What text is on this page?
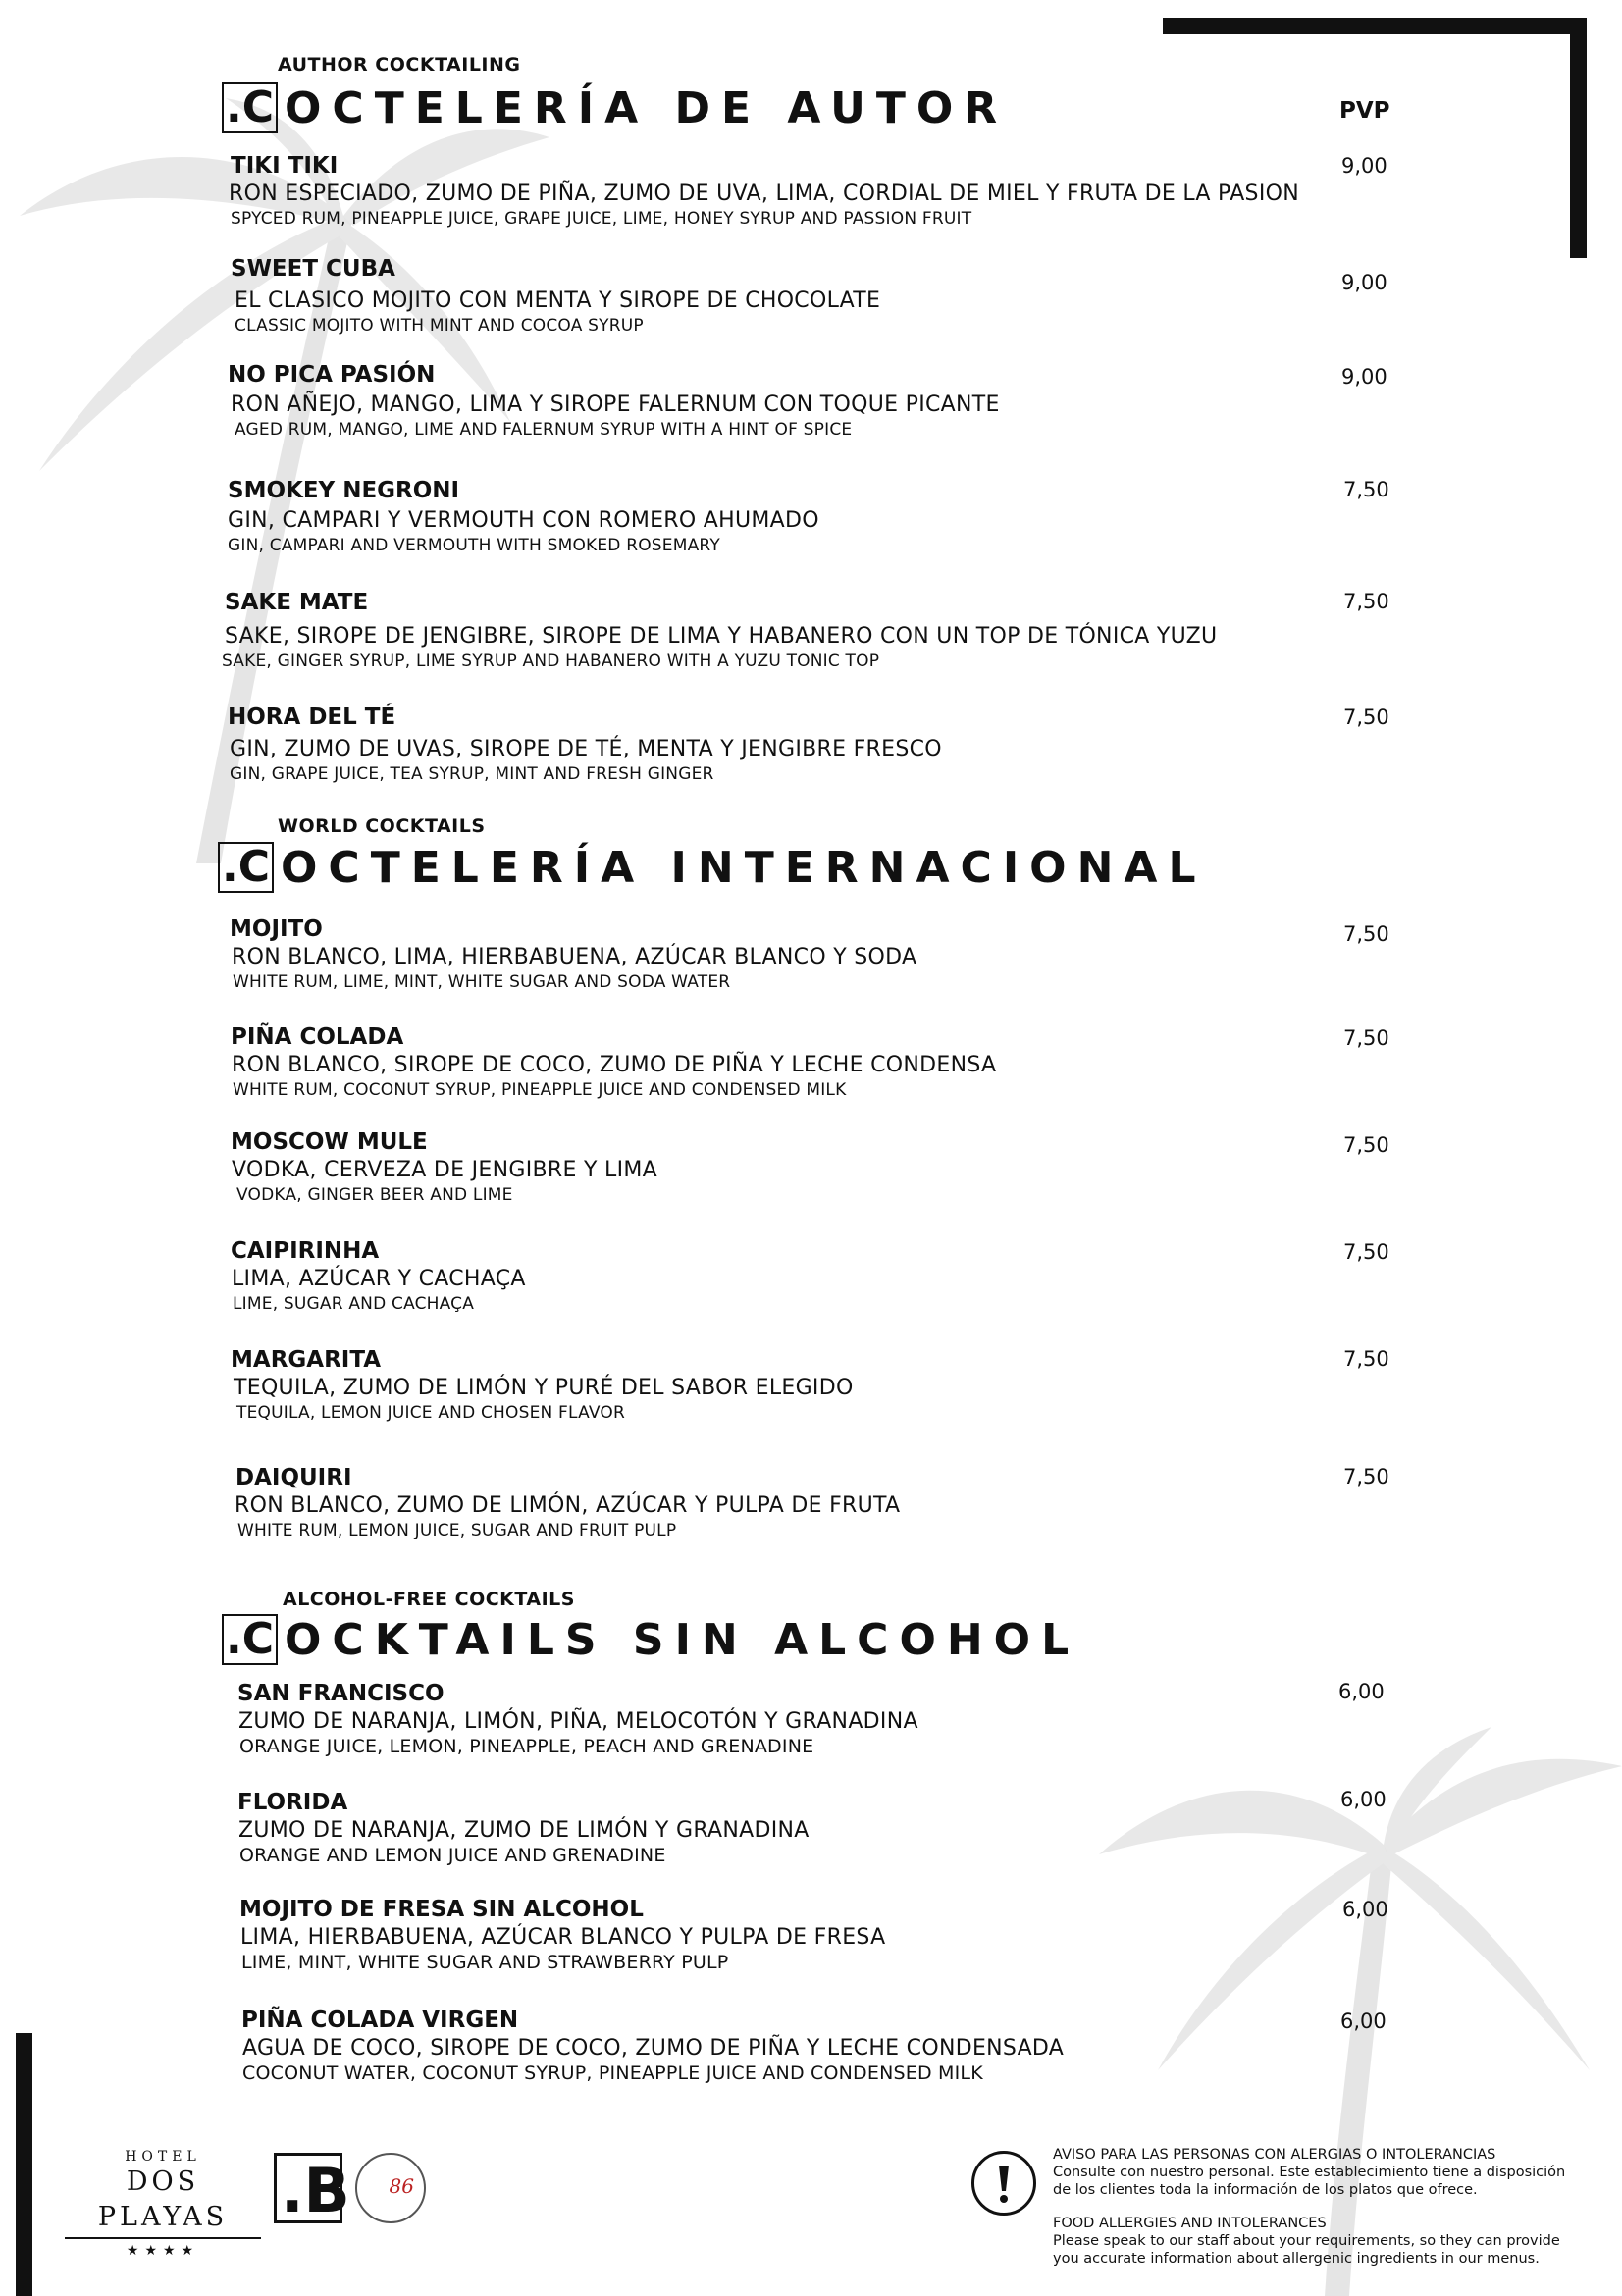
PVP
AUTHOR COCKTAILING
.C OCTELERÍA DE AUTOR
TIKI TIKI
RON ESPECIADO, ZUMO DE PIÑA, ZUMO DE UVA, LIMA, CORDIAL DE MIEL Y FRUTA DE LA PASION
SPYCED RUM, PINEAPPLE JUICE, GRAPE JUICE, LIME, HONEY SYRUP AND PASSION FRUIT
9,00
SWEET CUBA
EL CLASICO MOJITO CON MENTA Y SIROPE DE CHOCOLATE
CLASSIC MOJITO WITH MINT AND COCOA SYRUP
9,00
NO PICA PASIÓN
RON AÑEJO, MANGO, LIMA Y SIROPE FALERNUM CON TOQUE PICANTE
AGED RUM, MANGO, LIME AND FALERNUM SYRUP WITH A HINT OF SPICE
9,00
SMOKEY NEGRONI
GIN, CAMPARI Y VERMOUTH CON ROMERO AHUMADO
GIN, CAMPARI AND VERMOUTH WITH SMOKED ROSEMARY
7,50
SAKE MATE
SAKE, SIROPE DE JENGIBRE, SIROPE DE LIMA Y HABANERO CON UN TOP DE TÓNICA YUZU
SAKE, GINGER SYRUP, LIME SYRUP AND HABANERO WITH A YUZU TONIC TOP
7,50
HORA DEL TÉ
GIN, ZUMO DE UVAS, SIROPE DE TÉ, MENTA Y JENGIBRE FRESCO
GIN, GRAPE JUICE, TEA SYRUP, MINT AND FRESH GINGER
7,50
WORLD COCKTAILS
.C OCTELERÍA INTERNACIONAL
MOJITO
RON BLANCO, LIMA, HIERBABUENA, AZÚCAR BLANCO Y SODA
WHITE RUM, LIME, MINT, WHITE SUGAR AND SODA WATER
7,50
PIÑA COLADA
RON BLANCO, SIROPE DE COCO, ZUMO DE PIÑA Y LECHE CONDENSA
WHITE RUM, COCONUT SYRUP, PINEAPPLE JUICE AND CONDENSED MILK
7,50
MOSCOW MULE
VODKA, CERVEZA DE JENGIBRE Y LIMA
VODKA, GINGER BEER AND LIME
7,50
CAIPIRINHA
LIMA, AZÚCAR Y CACHAÇA
LIME, SUGAR AND CACHAÇA
7,50
MARGARITA
TEQUILA, ZUMO DE LIMÓN Y PURÉ DEL SABOR ELEGIDO
TEQUILA, LEMON JUICE AND CHOSEN FLAVOR
7,50
DAIQUIRI
RON BLANCO, ZUMO DE LIMÓN, AZÚCAR Y PULPA DE FRUTA
WHITE RUM, LEMON JUICE, SUGAR AND FRUIT PULP
7,50
ALCOHOL-FREE COCKTAILS
.C OCKTAILS SIN ALCOHOL
SAN FRANCISCO
ZUMO DE NARANJA, LIMÓN, PIÑA, MELOCOTÓN Y GRANADINA
ORANGE JUICE, LEMON, PINEAPPLE, PEACH AND GRENADINE
6,00
FLORIDA
ZUMO DE NARANJA, ZUMO DE LIMÓN Y GRANADINA
ORANGE AND LEMON JUICE AND GRENADINE
6,00
MOJITO DE FRESA SIN ALCOHOL
LIMA, HIERBABUENA, AZÚCAR BLANCO Y PULPA DE FRESA
LIME, MINT, WHITE SUGAR AND STRAWBERRY PULP
6,00
PIÑA COLADA VIRGEN
AGUA DE COCO, SIROPE DE COCO, ZUMO DE PIÑA Y LECHE CONDENSADA
COCONUT WATER, COCONUT SYRUP, PINEAPPLE JUICE AND CONDENSED MILK
6,00
HOTEL
DOS PLAYAS
★★★★
.B 86
AVISO PARA LAS PERSONAS CON ALERGIAS O INTOLERANCIAS
Consulte con nuestro personal. Este establecimiento tiene a disposición
de los clientes toda la información de los platos que ofrece.
FOOD ALLERGIES AND INTOLERANCES
Please speak to our staff about your requirements, so they can provide
you accurate information about allergenic ingredients in our menus.
